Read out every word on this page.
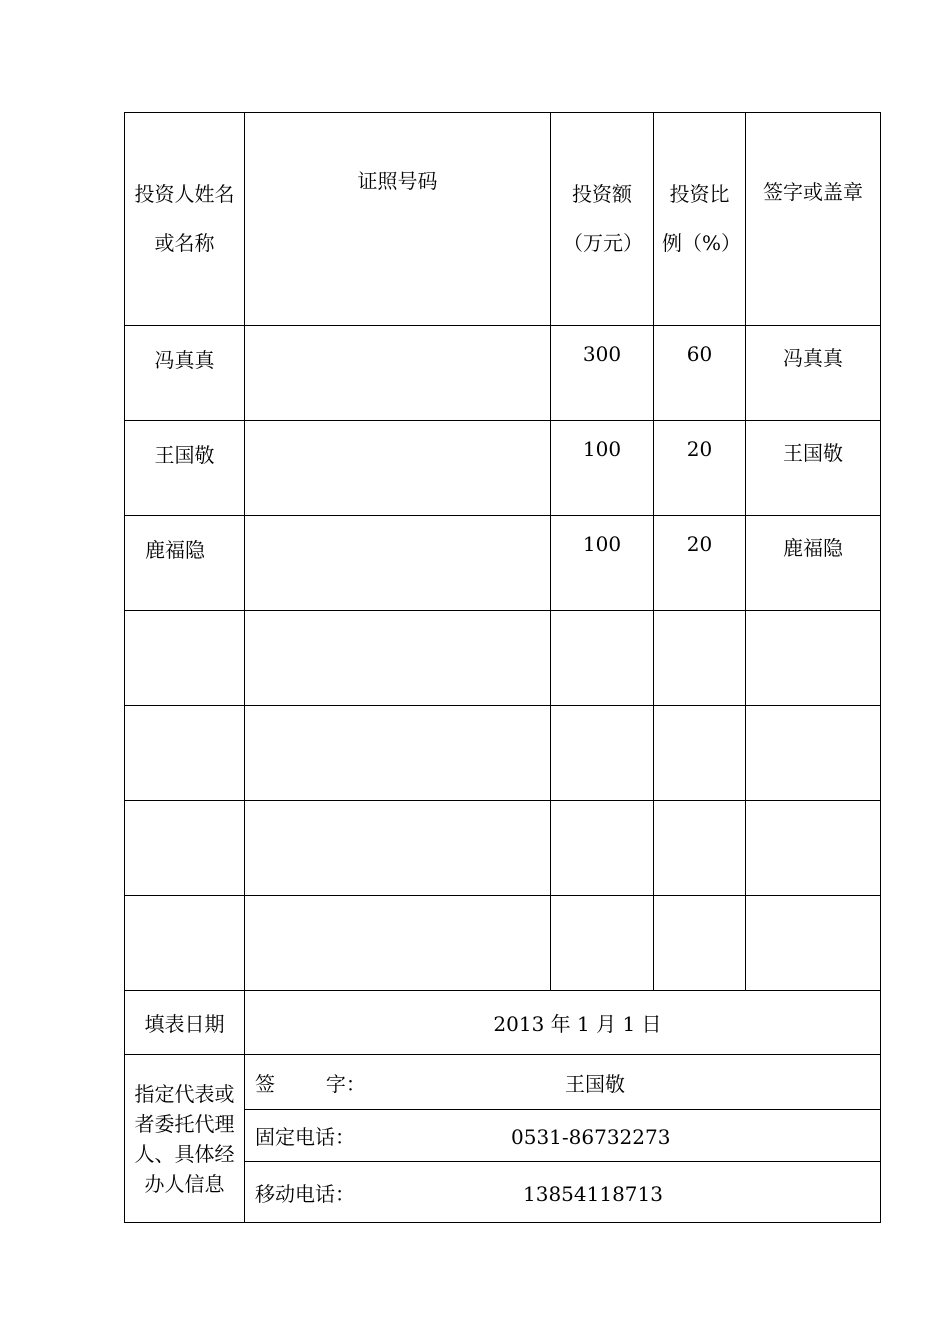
投资人姓名或名称	证照号码	投资额（万元）	投资比例（%）	签字或盖章
冯真真		300	60	冯真真
王国敬		100	20	王国敬
鹿福隐		100	20	鹿福隐

填表日期	2013 年 1 月 1 日			
指定代表或者委托代理人、具体经办人信息	签        字： 王国敬			
	固定电话： 0531-86732273			
	移动电话： 13854118713			
